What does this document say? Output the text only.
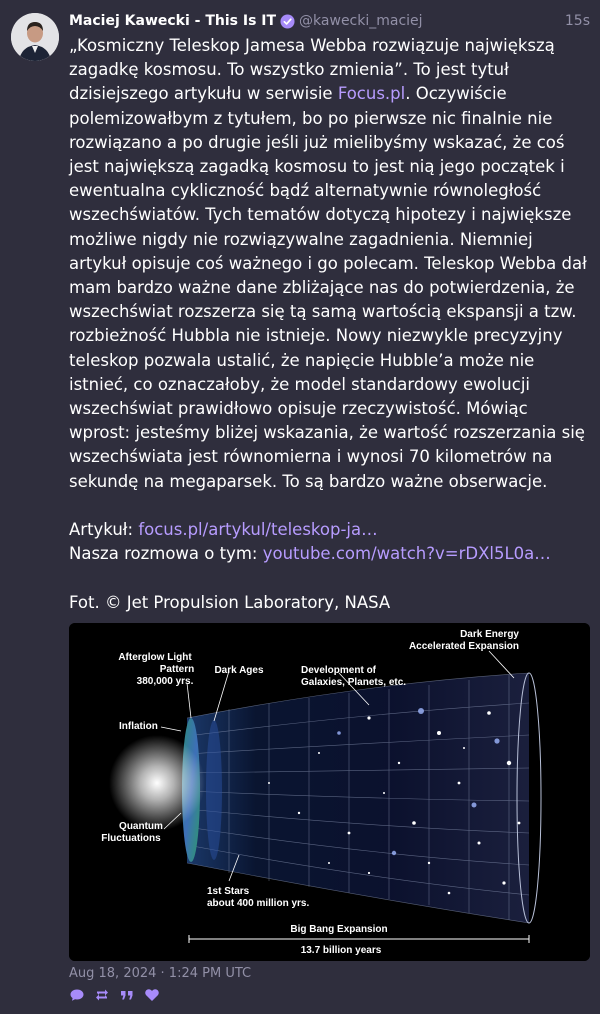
Maciej Kawecki - This Is IT @kawecki_maciej	15s
„Kosmiczny Teleskop Jamesa Webba rozwiązuje największą zagadkę kosmosu. To wszystko zmienia”. To jest tytuł dzisiejszego artykułu w serwisie Focus.pl. Oczywiście polemizowałbym z tytułem, bo po pierwsze nic finalnie nie rozwiązano a po drugie jeśli już mielibyśmy wskazać, że coś jest największą zagadką kosmosu to jest nią jego początek i ewentualna cykliczność bądź alternatywnie równoległość wszechświatów. Tych tematów dotyczą hipotezy i największe możliwe nigdy nie rozwiązywalne zagadnienia. Niemniej artykuł opisuje coś ważnego i go polecam. Teleskop Webba dał mam bardzo ważne dane zbliżające nas do potwierdzenia, że wszechświat rozszerza się tą samą wartością ekspansji a tzw. rozbieżność Hubbla nie istnieje. Nowy niezwykle precyzyjny teleskop pozwala ustalić, że napięcie Hubble’a może nie istnieć, co oznaczałoby, że model standardowy ewolucji wszechświat prawidłowo opisuje rzeczywistość. Mówiąc wprost: jesteśmy bliżej wskazania, że wartość rozszerzania się wszechświata jest równomierna i wynosi 70 kilometrów na sekundę na megaparsek. To są bardzo ważne obserwacje.

Artykuł: focus.pl/artykul/teleskop-ja…
Nasza rozmowa o tym: youtube.com/watch?v=rDXl5L0a…

Fot. © Jet Propulsion Laboratory, NASA
Afterglow Light
Pattern
380,000 yrs.
Dark Ages	Development of
Galaxies, Planets, etc.
Dark Energy
Accelerated Expansion
Inflation
Quantum
Fluctuations
1st Stars
about 400 million yrs.
Big Bang Expansion
13.7 billion years
Aug 18, 2024 · 1:24 PM UTC
